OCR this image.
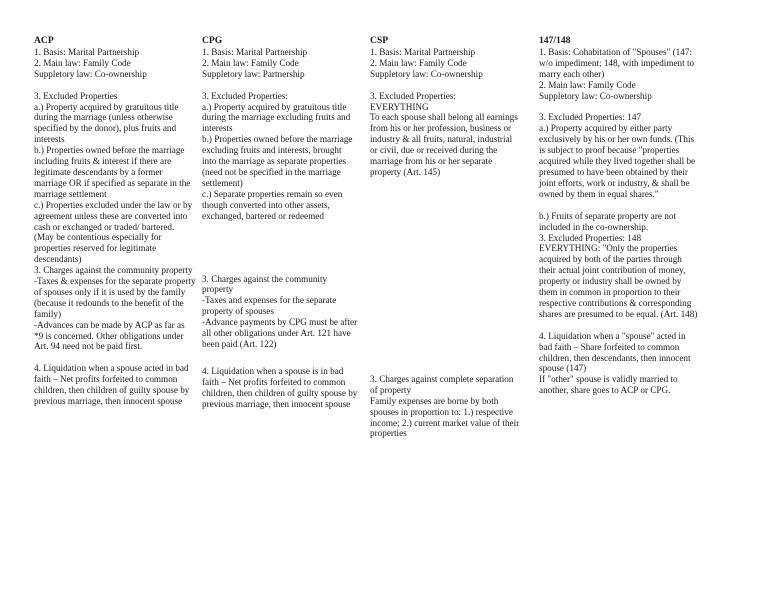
ACP

1. Basis: Marital Partnership

2. Main law: Family Code

Suppletory law: Co-ownership

3. Excluded Properties

a.) Property acquired by gratuitous title during the marriage (unless otherwise specified by the donor), plus fruits and interests

b.) Properties owned before the marriage including fruits & interest if there are legitimate descendants by a former marriage OR if specified as separate in the marriage settlement

c.) Properties excluded under the law or by agreement unless these are converted into cash or exchanged or traded/ bartered. (May be contentious especially for properties reserved for legitimate descendants)

3. Charges against the community property

-Taxes & expenses for the separate property of spouses only if it is used by the family (because it redounds to the benefit of the family)

-Advances can be made by ACP as far as *9 is concerned. Other obligations under Art. 94 need not be paid first.

4. Liquidation when a spouse acted in bad faith – Net profits forfeited to common children, then children of guilty spouse by previous marriage, then innocent spouse

CPG

1. Basis: Marital Partnership

2. Main law: Family Code

Suppletory law: Partnership

3. Excluded Properties:

a.) Property acquired by gratuitous title during the marriage excluding fruits and interests

b.) Properties owned before the marriage excluding fruits and interests, brought into the marriage as separate properties (need not be specified in the marriage settlement)

c.) Separate properties remain so even though converted into other assets, exchanged, bartered or redeemed

3. Charges against the community property

-Taxes and expenses for the separate property of spouses

-Advance payments by CPG must be after all other obligations under Art. 121 have been paid (Art. 122)

4. Liquidation when a spouse is in bad faith – Net profits forfeited to common children, then children of guilty spouse by previous marriage, then innocent spouse

CSP

1. Basis: Marital Partnership

2. Main law: Family Code

Suppletory law: Co-ownership

3. Excluded Properties:

EVERYTHING

To each spouse shall belong all earnings from his or her profession, business or industry & all fruits, natural, industrial or civil, due or received during the marriage from his or her separate property (Art. 145)

3. Charges against complete separation of property

Family expenses are borne by both spouses in proportion to: 1.) respective income; 2.) current market value of their properties

147/148

1. Basis: Cohabitation of "Spouses" (147: w/o impediment; 148, with impediment to marry each other)

2. Main law: Family Code

Suppletory law: Co-ownership

3. Excluded Properties: 147

a.) Property acquired by either party exclusively by his or her own funds. (This is subject to proof because "properties acquired while they lived together shall be presumed to have been obtained by their joint efforts, work or industry, & shall be owned by them in equal shares."

b.) Fruits of separate property are not included in the co-ownership.

3. Excluded Properties: 148

EVERYTHING: "Only the properties acquired by both of the parties through their actual joint contribution of money, property or industry shall be owned by them in common in proportion to their respective contributions & corresponding shares are presumed to be equal. (Art. 148)

4. Liquidation when a "spouse" acted in bad faith – Share forfeited to common children, then descendants, then innocent spouse (147)

If "other" spouse is validly married to another, share goes to ACP or CPG.
